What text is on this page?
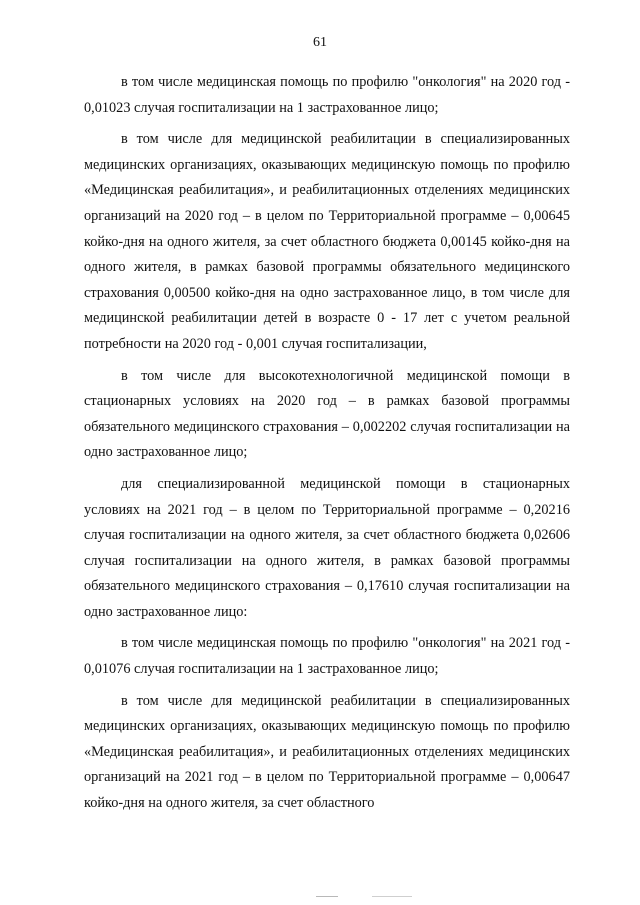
61

в том числе медицинская помощь по профилю "онкология" на 2020 год - 0,01023 случая госпитализации на 1 застрахованное лицо;

в том числе для медицинской реабилитации в специализированных медицинских организациях, оказывающих медицинскую помощь по профилю «Медицинская реабилитация», и реабилитационных отделениях медицинских организаций на 2020 год – в целом по Территориальной программе – 0,00645 койко-дня на одного жителя, за счет областного бюджета 0,00145 койко-дня на одного жителя, в рамках базовой программы обязательного медицинского страхования 0,00500 койко-дня на одно застрахованное лицо, в том числе для медицинской реабилитации детей в возрасте 0 - 17 лет с учетом реальной потребности на 2020 год - 0,001 случая госпитализации,

в том числе для высокотехнологичной медицинской помощи в стационарных условиях на 2020 год – в рамках базовой программы обязательного медицинского страхования – 0,002202 случая госпитализации на одно застрахованное лицо;

для специализированной медицинской помощи в стационарных условиях на 2021 год – в целом по Территориальной программе – 0,20216 случая госпитализации на одного жителя, за счет областного бюджета 0,02606 случая госпитализации на одного жителя, в рамках базовой программы обязательного медицинского страхования – 0,17610 случая госпитализации на одно застрахованное лицо:

в том числе медицинская помощь по профилю "онкология" на 2021 год - 0,01076 случая госпитализации на 1 застрахованное лицо;

в том числе для медицинской реабилитации в специализированных медицинских организациях, оказывающих медицинскую помощь по профилю «Медицинская реабилитация», и реабилитационных отделениях медицинских организаций на 2021 год – в целом по Территориальной программе – 0,00647 койко-дня на одного жителя, за счет областного
